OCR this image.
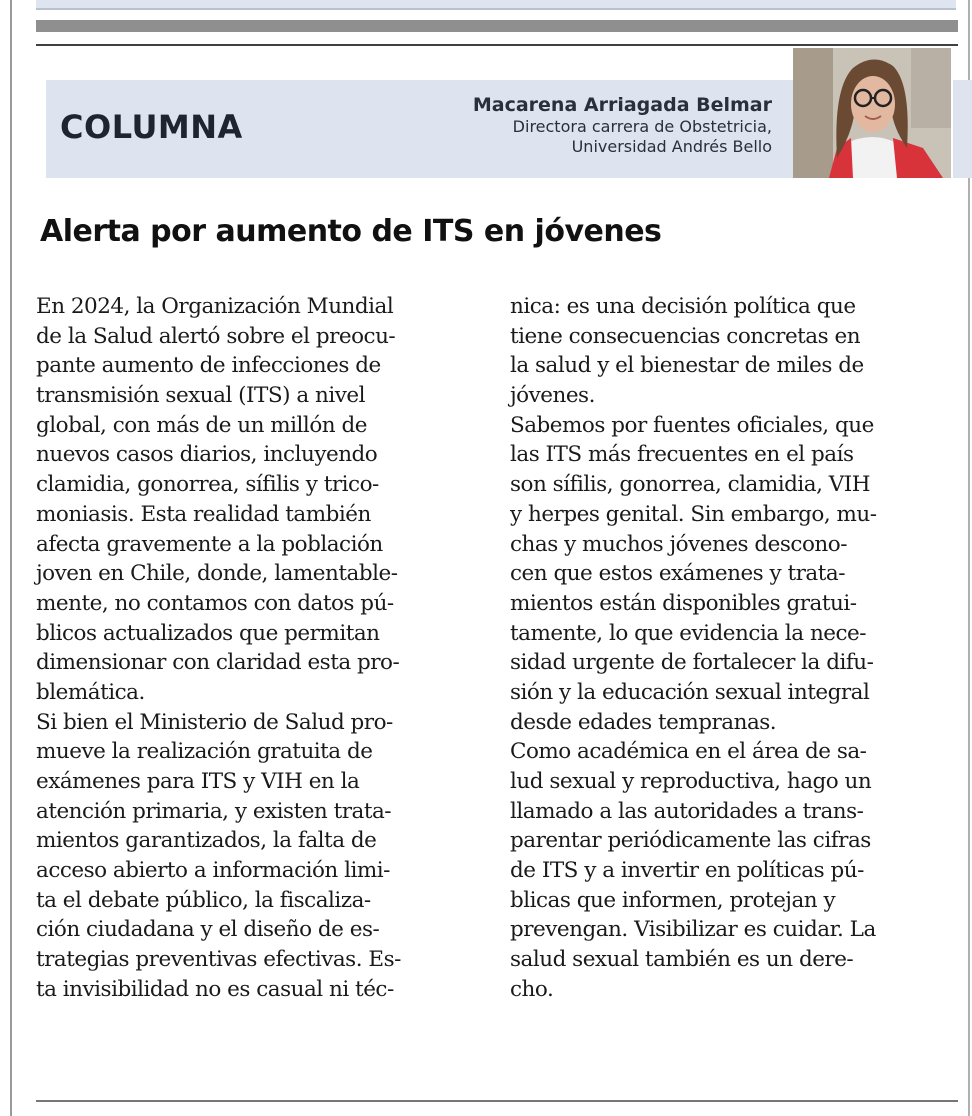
COLUMNA
Macarena Arriagada Belmar
Directora carrera de Obstetricia,
Universidad Andrés Bello
Alerta por aumento de ITS en jóvenes
En 2024, la Organización Mundial
de la Salud alertó sobre el preocu-
pante aumento de infecciones de
transmisión sexual (ITS) a nivel
global, con más de un millón de
nuevos casos diarios, incluyendo
clamidia, gonorrea, sífilis y trico-
moniasis. Esta realidad también
afecta gravemente a la población
joven en Chile, donde, lamentable-
mente, no contamos con datos pú-
blicos actualizados que permitan
dimensionar con claridad esta pro-
blemática.
Si bien el Ministerio de Salud pro-
mueve la realización gratuita de
exámenes para ITS y VIH en la
atención primaria, y existen trata-
mientos garantizados, la falta de
acceso abierto a información limi-
ta el debate público, la fiscaliza-
ción ciudadana y el diseño de es-
trategias preventivas efectivas. Es-
ta invisibilidad no es casual ni téc-
nica: es una decisión política que
tiene consecuencias concretas en
la salud y el bienestar de miles de
jóvenes.
Sabemos por fuentes oficiales, que
las ITS más frecuentes en el país
son sífilis, gonorrea, clamidia, VIH
y herpes genital. Sin embargo, mu-
chas y muchos jóvenes descono-
cen que estos exámenes y trata-
mientos están disponibles gratui-
tamente, lo que evidencia la nece-
sidad urgente de fortalecer la difu-
sión y la educación sexual integral
desde edades tempranas.
Como académica en el área de sa-
lud sexual y reproductiva, hago un
llamado a las autoridades a trans-
parentar periódicamente las cifras
de ITS y a invertir en políticas pú-
blicas que informen, protejan y
prevengan. Visibilizar es cuidar. La
salud sexual también es un dere-
cho.
